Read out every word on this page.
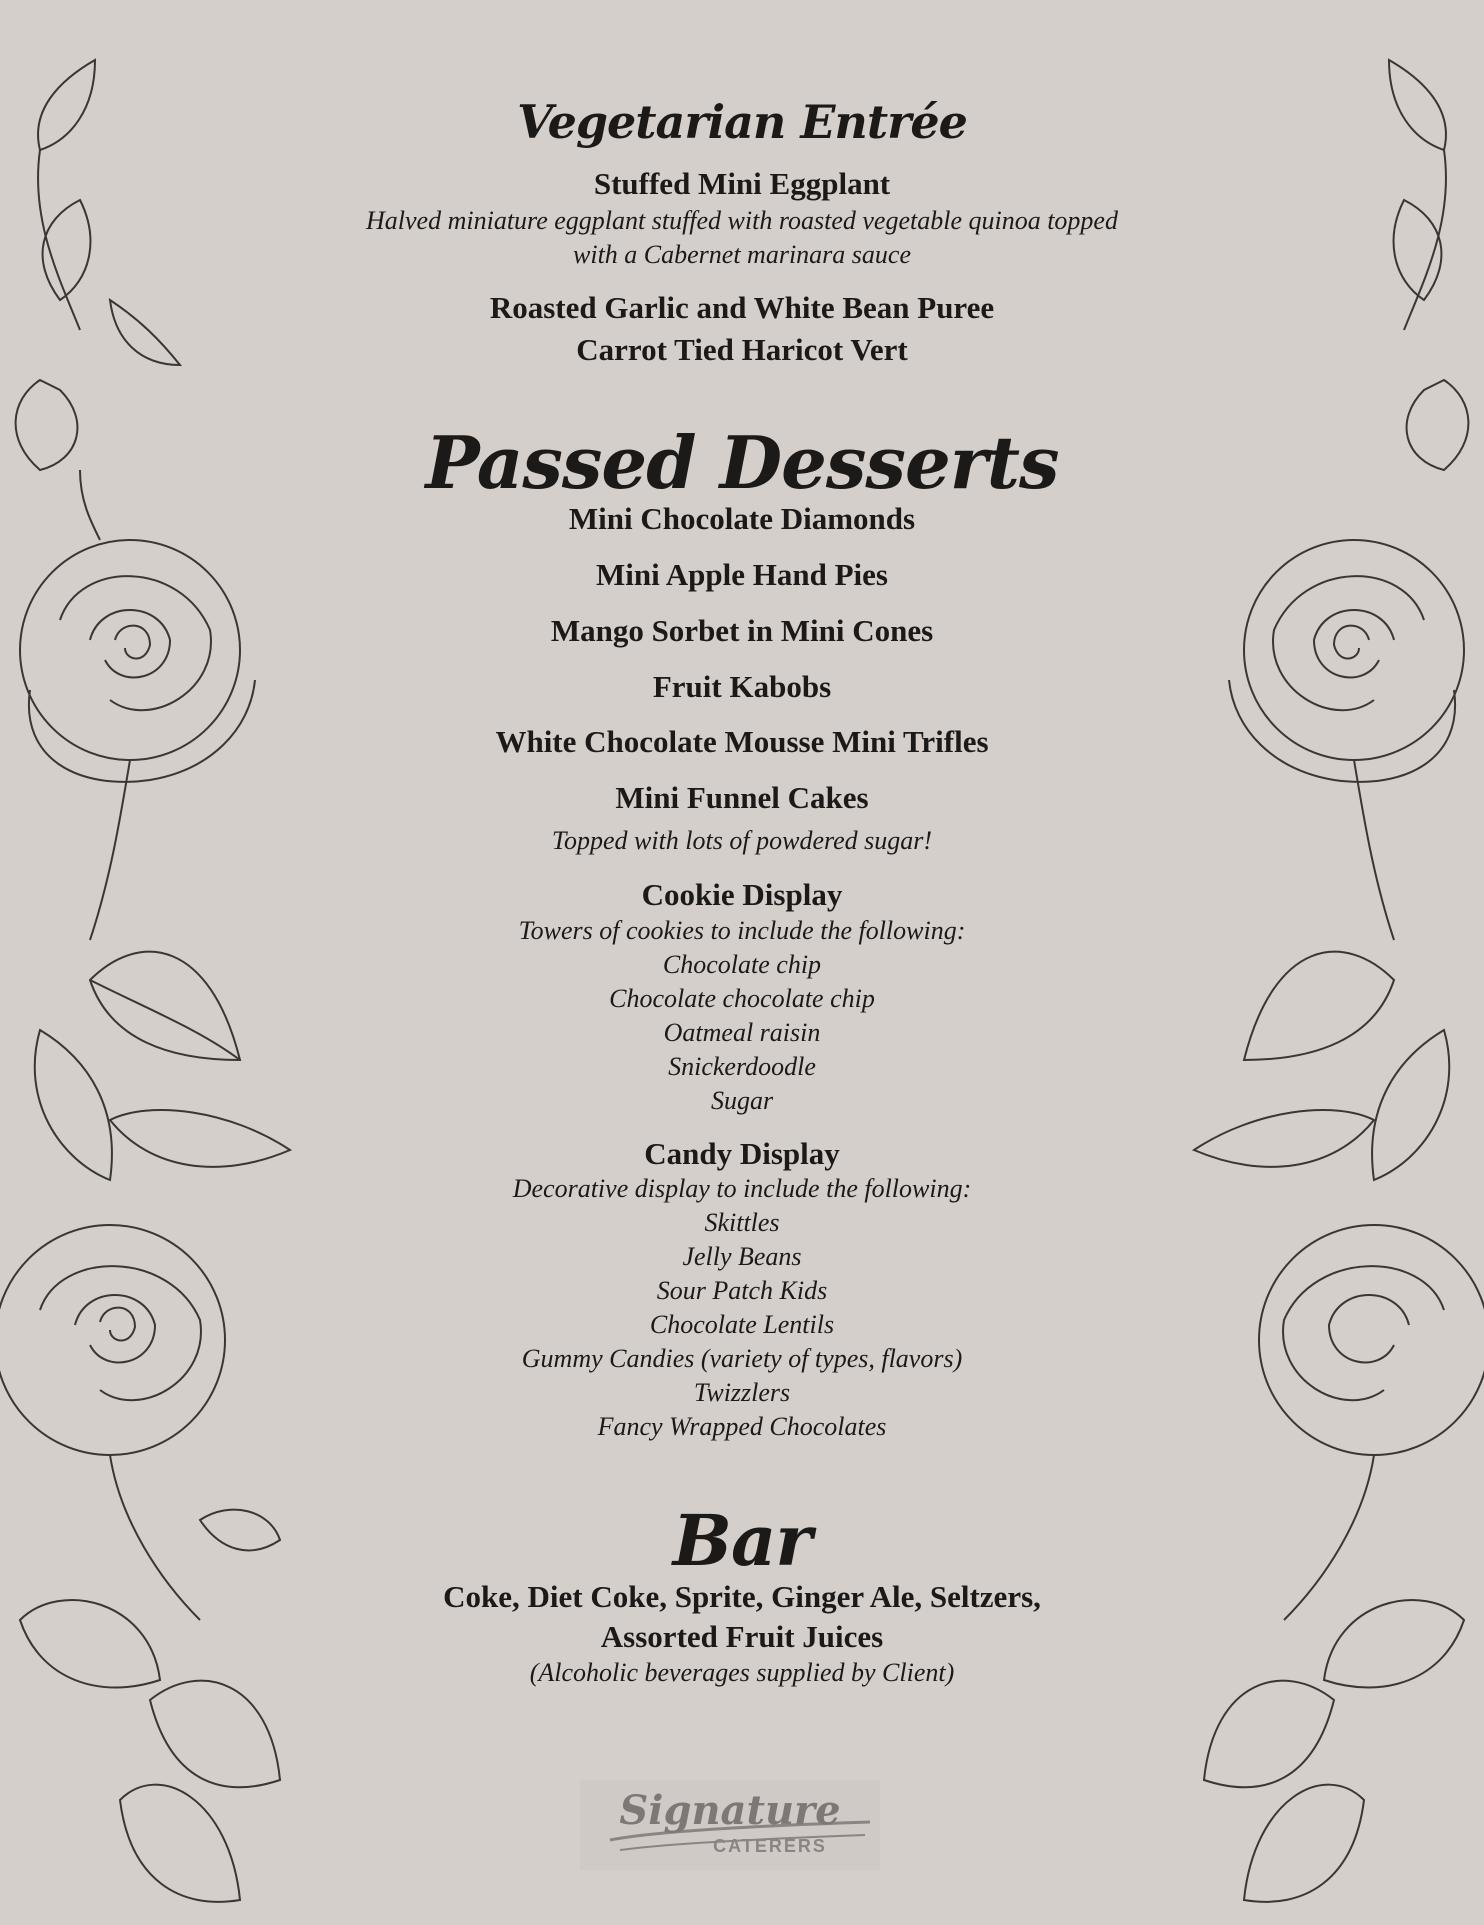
Vegetarian Entrée
Stuffed Mini Eggplant
Halved miniature eggplant stuffed with roasted vegetable quinoa topped
with a Cabernet marinara sauce
Roasted Garlic and White Bean Puree
Carrot Tied Haricot Vert
Passed Desserts
Mini Chocolate Diamonds
Mini Apple Hand Pies
Mango Sorbet in Mini Cones
Fruit Kabobs
White Chocolate Mousse Mini Trifles
Mini Funnel Cakes
Topped with lots of powdered sugar!
Cookie Display
Towers of cookies to include the following:
Chocolate chip
Chocolate chocolate chip
Oatmeal raisin
Snickerdoodle
Sugar
Candy Display
Decorative display to include the following:
Skittles
Jelly Beans
Sour Patch Kids
Chocolate Lentils
Gummy Candies (variety of types, flavors)
Twizzlers
Fancy Wrapped Chocolates
Bar
Coke, Diet Coke, Sprite, Ginger Ale, Seltzers,
Assorted Fruit Juices
(Alcoholic beverages supplied by Client)
Signature
CATERERS
